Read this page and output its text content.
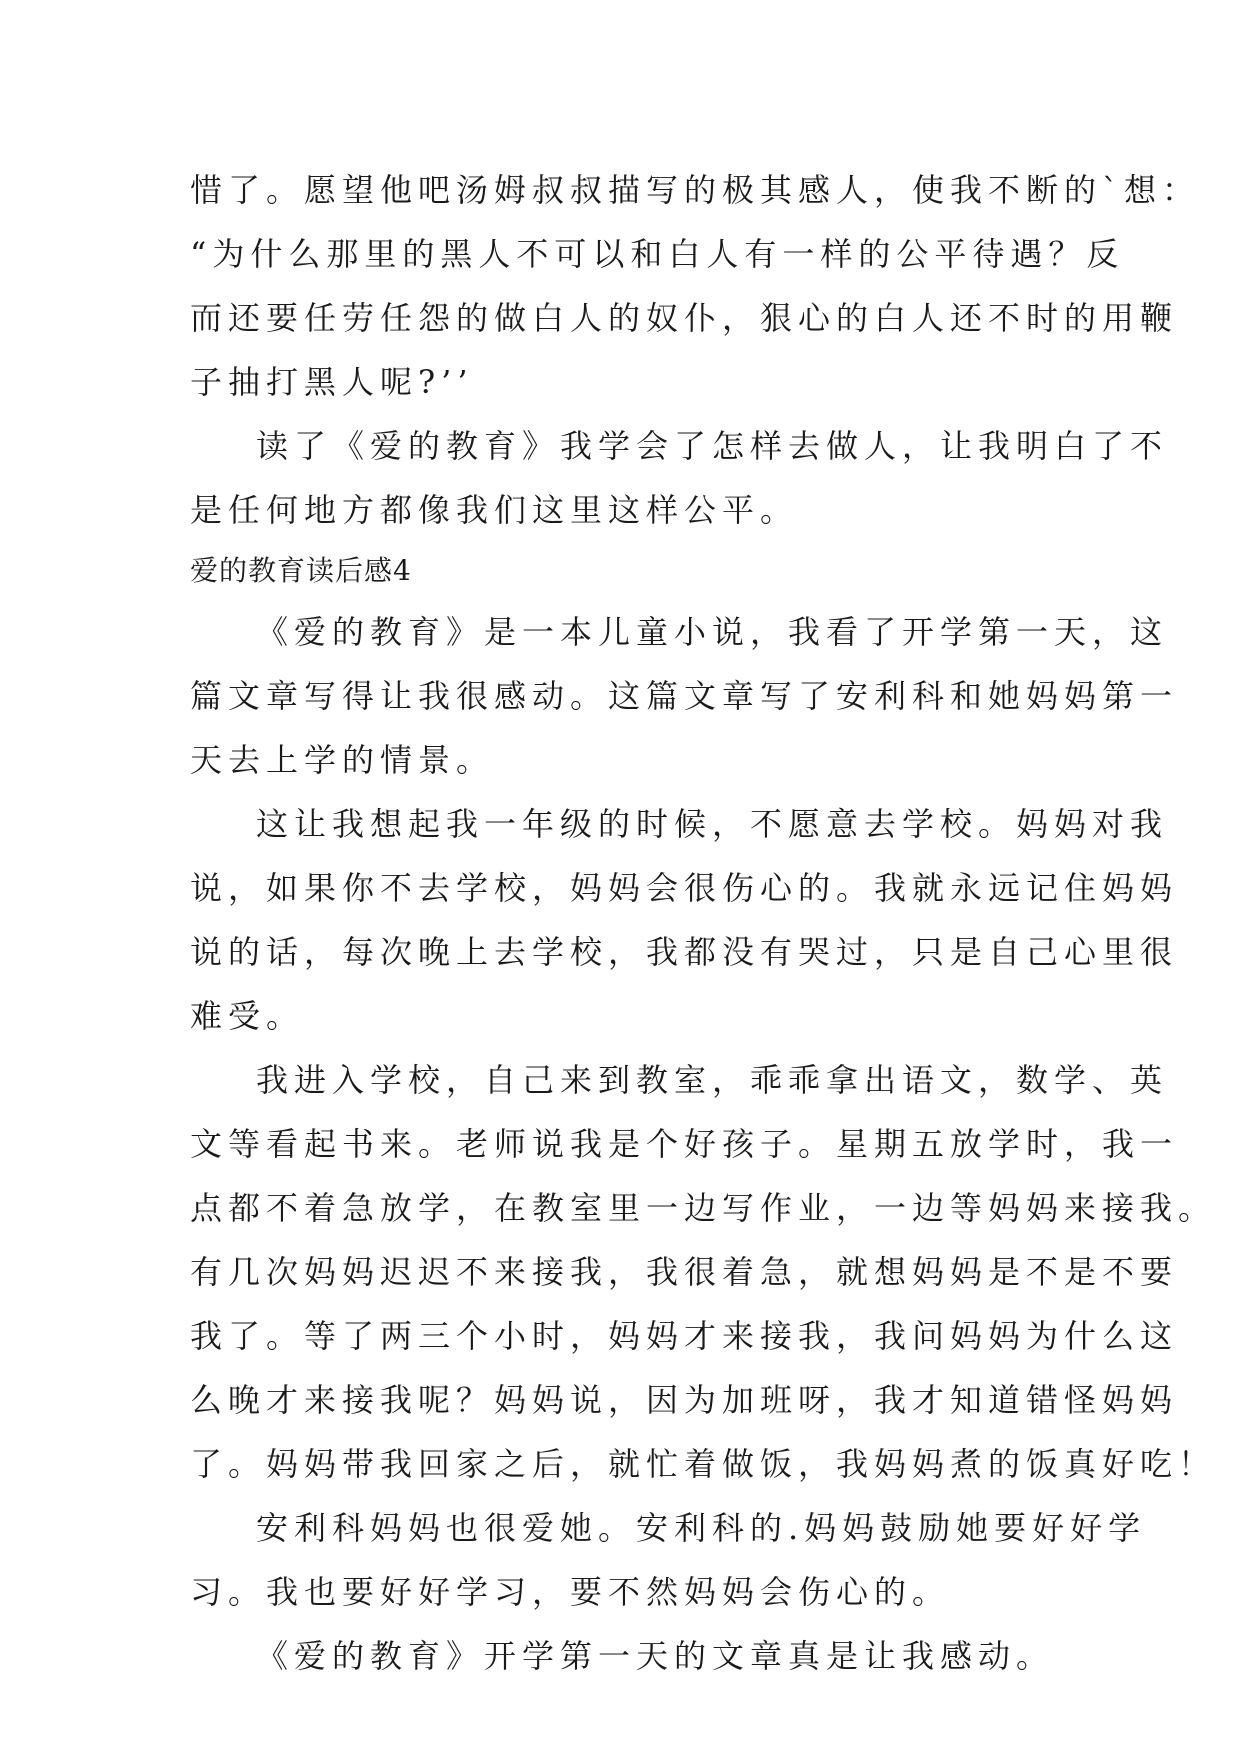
惜了。愿望他吧汤姆叔叔描写的极其感人，使我不断的`想：
“为什么那里的黑人不可以和白人有一样的公平待遇？反
而还要任劳任怨的做白人的奴仆，狠心的白人还不时的用鞭
子抽打黑人呢?’’
读了《爱的教育》我学会了怎样去做人，让我明白了不
是任何地方都像我们这里这样公平。
爱的教育读后感4
《爱的教育》是一本儿童小说，我看了开学第一天，这
篇文章写得让我很感动。这篇文章写了安利科和她妈妈第一
天去上学的情景。
这让我想起我一年级的时候，不愿意去学校。妈妈对我
说，如果你不去学校，妈妈会很伤心的。我就永远记住妈妈
说的话，每次晚上去学校，我都没有哭过，只是自己心里很
难受。
我进入学校，自己来到教室，乖乖拿出语文，数学、英
文等看起书来。老师说我是个好孩子。星期五放学时，我一
点都不着急放学，在教室里一边写作业，一边等妈妈来接我。
有几次妈妈迟迟不来接我，我很着急，就想妈妈是不是不要
我了。等了两三个小时，妈妈才来接我，我问妈妈为什么这
么晚才来接我呢？妈妈说，因为加班呀，我才知道错怪妈妈
了。妈妈带我回家之后，就忙着做饭，我妈妈煮的饭真好吃！
安利科妈妈也很爱她。安利科的.妈妈鼓励她要好好学
习。我也要好好学习，要不然妈妈会伤心的。
《爱的教育》开学第一天的文章真是让我感动。
